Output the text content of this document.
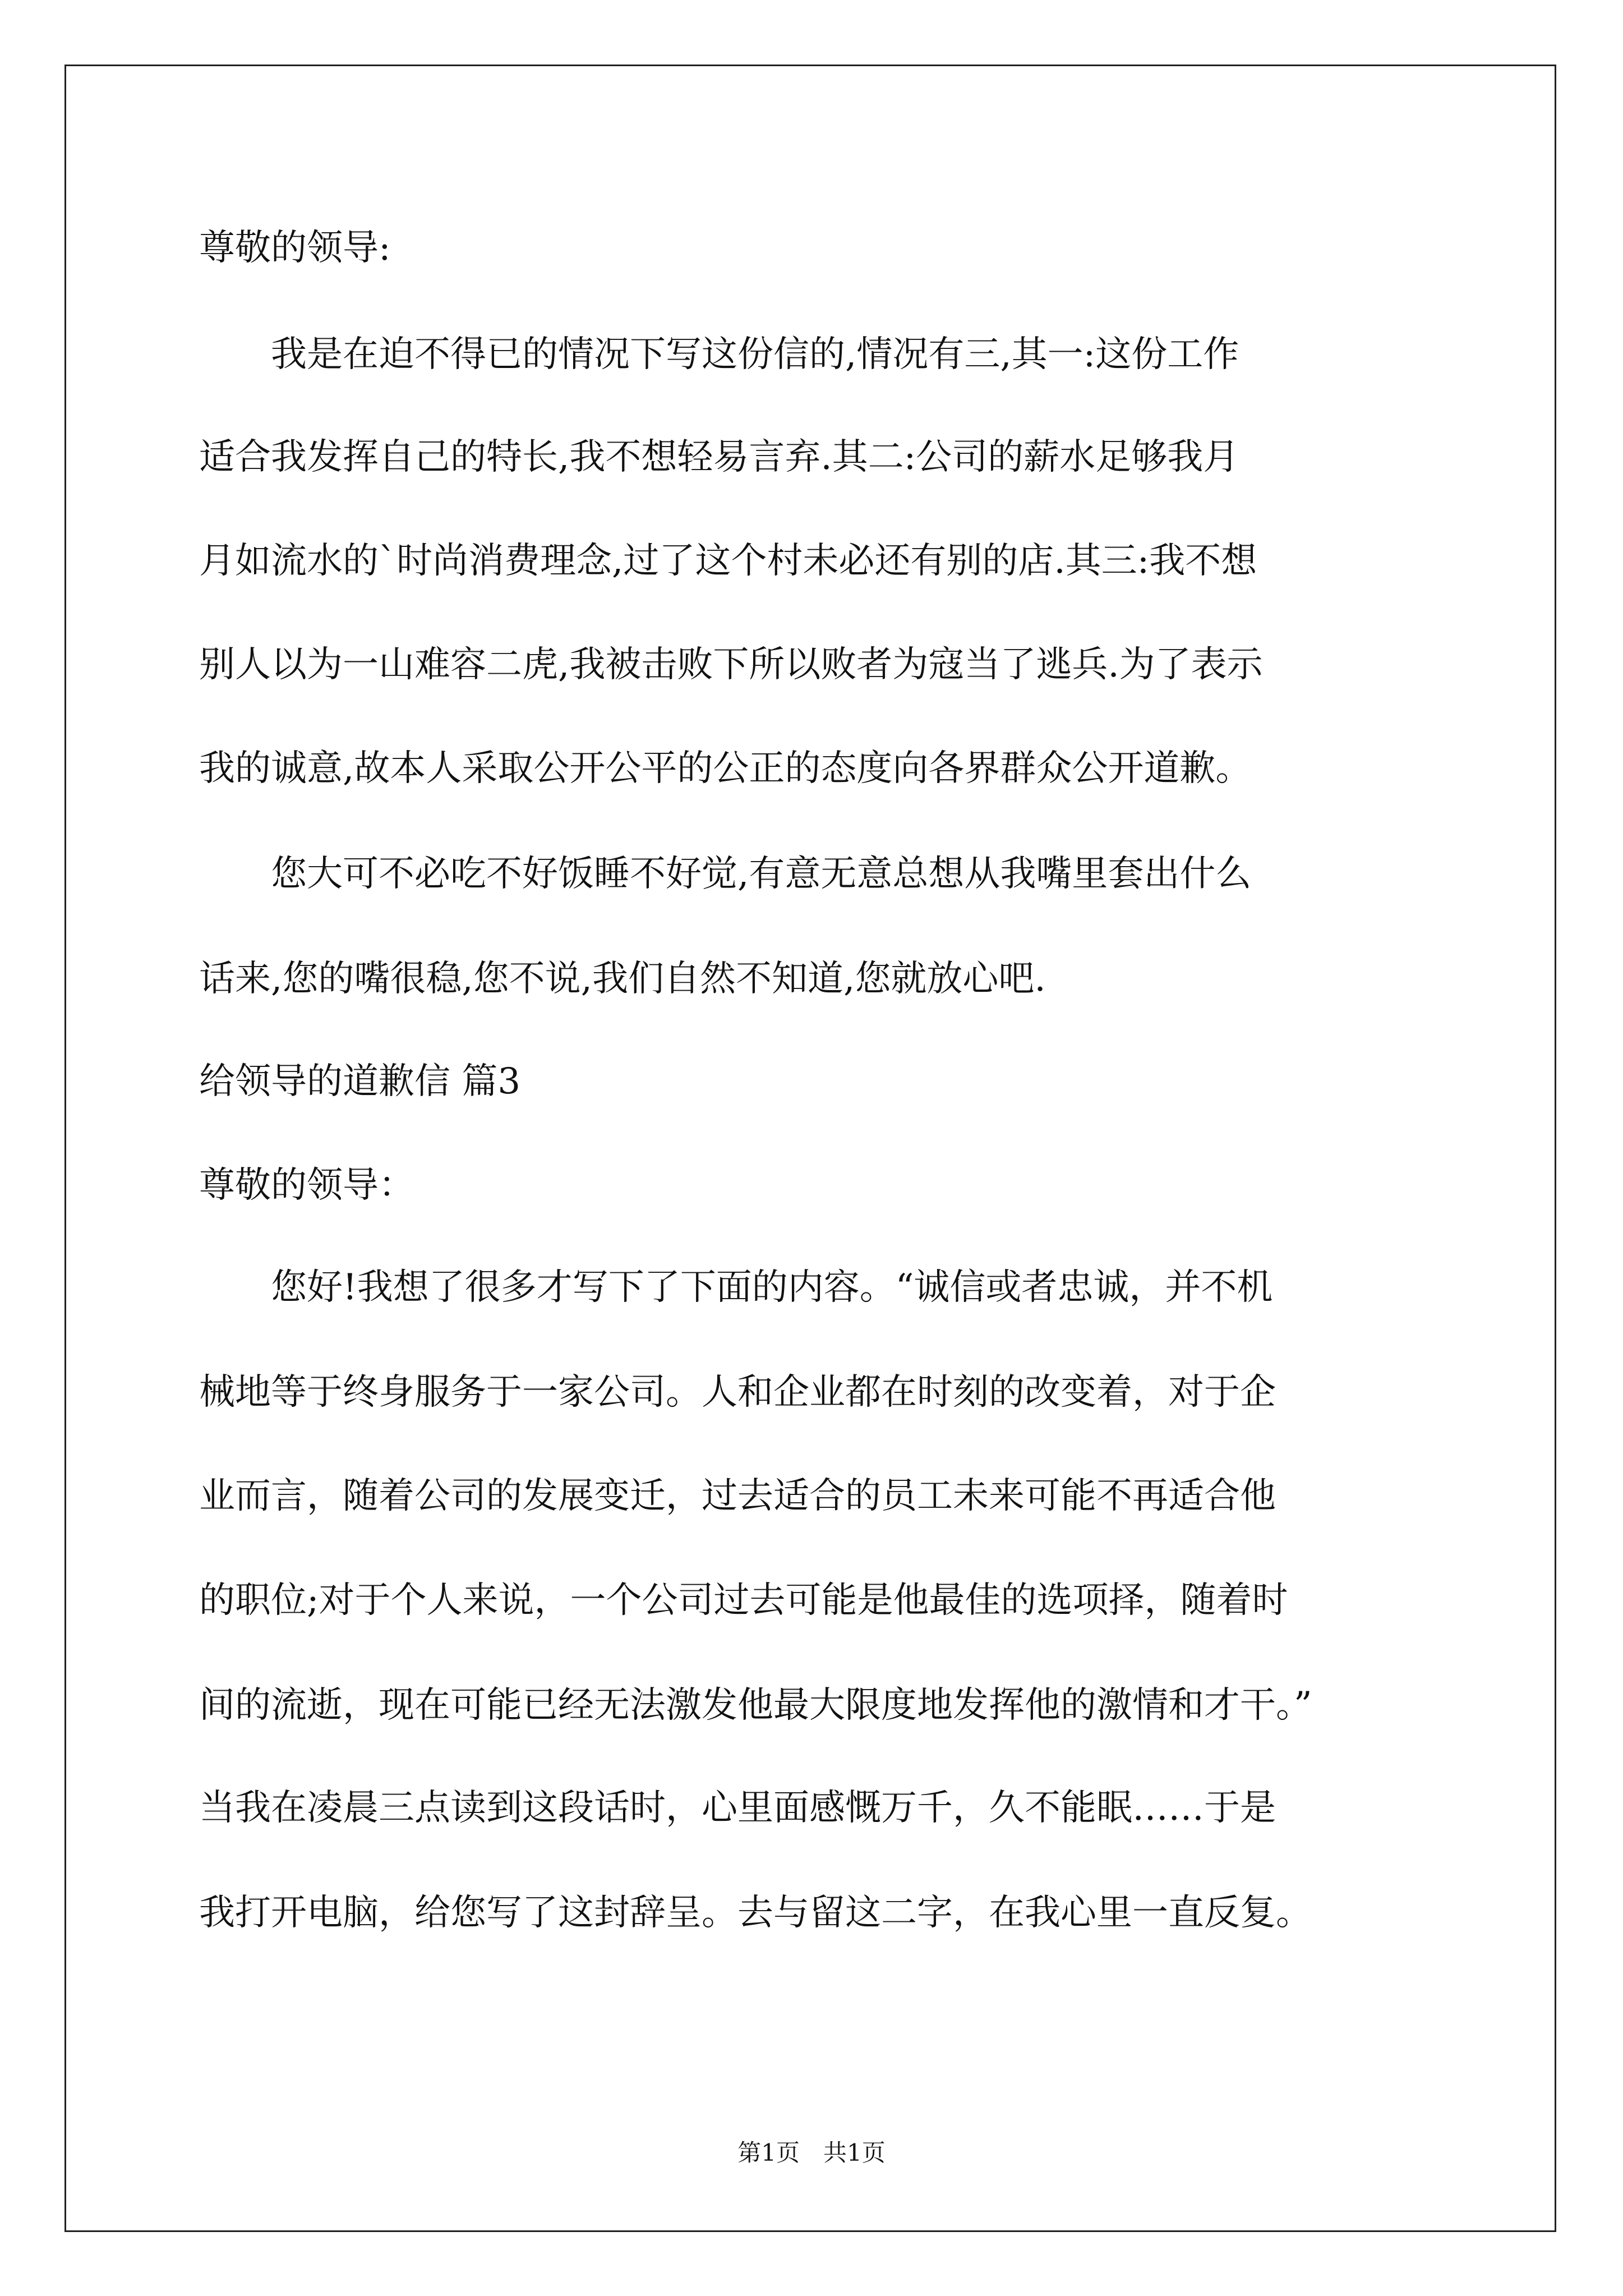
尊敬的领导:

　　我是在迫不得已的情况下写这份信的,情况有三,其一:这份工作

适合我发挥自己的特长,我不想轻易言弃.其二:公司的薪水足够我月

月如流水的`时尚消费理念,过了这个村未必还有别的店.其三:我不想

别人以为一山难容二虎,我被击败下所以败者为寇当了逃兵.为了表示

我的诚意,故本人采取公开公平的公正的态度向各界群众公开道歉。

　　您大可不必吃不好饭睡不好觉,有意无意总想从我嘴里套出什么

话来,您的嘴很稳,您不说,我们自然不知道,您就放心吧.

给领导的道歉信 篇3

尊敬的领导：

　　您好!我想了很多才写下了下面的内容。“诚信或者忠诚，并不机

械地等于终身服务于一家公司。人和企业都在时刻的改变着，对于企

业而言，随着公司的发展变迁，过去适合的员工未来可能不再适合他

的职位;对于个人来说，一个公司过去可能是他最佳的选项择，随着时

间的流逝，现在可能已经无法激发他最大限度地发挥他的激情和才干。”

当我在凌晨三点读到这段话时，心里面感慨万千，久不能眠……于是

我打开电脑，给您写了这封辞呈。去与留这二字，在我心里一直反复。

第1页　共1页
